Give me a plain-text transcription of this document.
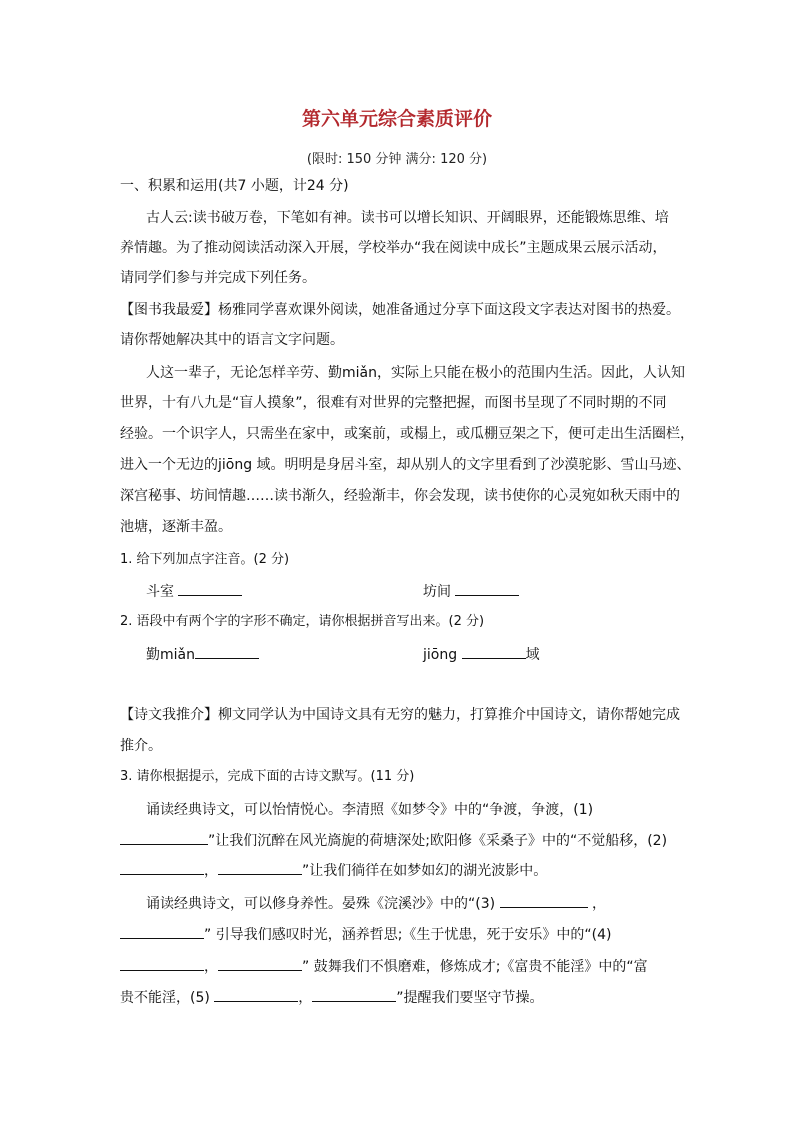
第六单元综合素质评价
(限时: 150 分钟 满分: 120 分)
一、积累和运用(共7 小题，计24 分)
古人云:读书破万卷，下笔如有神。读书可以增长知识、开阔眼界，还能锻炼思维、培
养情趣。为了推动阅读活动深入开展，学校举办“我在阅读中成长”主题成果云展示活动，
请同学们参与并完成下列任务。
【图书我最爱】杨雅同学喜欢课外阅读，她准备通过分享下面这段文字表达对图书的热爱。
请你帮她解决其中的语言文字问题。
人这一辈子，无论怎样辛劳、勤miǎn，实际上只能在极小的范围内生活。因此，人认知
世界，十有八九是“盲人摸象”，很难有对世界的完整把握，而图书呈现了不同时期的不同
经验。一个识字人，只需坐在家中，或案前，或榻上，或瓜棚豆架之下，便可走出生活圈栏，
进入一个无边的jiōng 域。明明是身居斗室，却从别人的文字里看到了沙漠驼影、雪山马迹、
深宫秘事、坊间情趣……读书渐久，经验渐丰，你会发现，读书使你的心灵宛如秋天雨中的
池塘，逐渐丰盈。
1. 给下列加点字注音。(2 分)
斗室	坊间
2. 语段中有两个字的字形不确定，请你根据拼音写出来。(2 分)
勤miǎn	jiōng	域
【诗文我推介】柳文同学认为中国诗文具有无穷的魅力，打算推介中国诗文，请你帮她完成
推介。
3. 请你根据提示，完成下面的古诗文默写。(11 分)
诵读经典诗文，可以怡情悦心。李清照《如梦令》中的“争渡，争渡，(1)
”让我们沉醉在风光旖旎的荷塘深处;欧阳修《采桑子》中的“不觉船移，(2)
，	”让我们徜徉在如梦如幻的湖光波影中。
诵读经典诗文，可以修身养性。晏殊《浣溪沙》中的“(3)	，
” 引导我们感叹时光，涵养哲思;《生于忧患，死于安乐》中的“(4)
，	” 鼓舞我们不惧磨难，修炼成才;《富贵不能淫》中的“富
贵不能淫，(5)	，	”提醒我们要坚守节操。
